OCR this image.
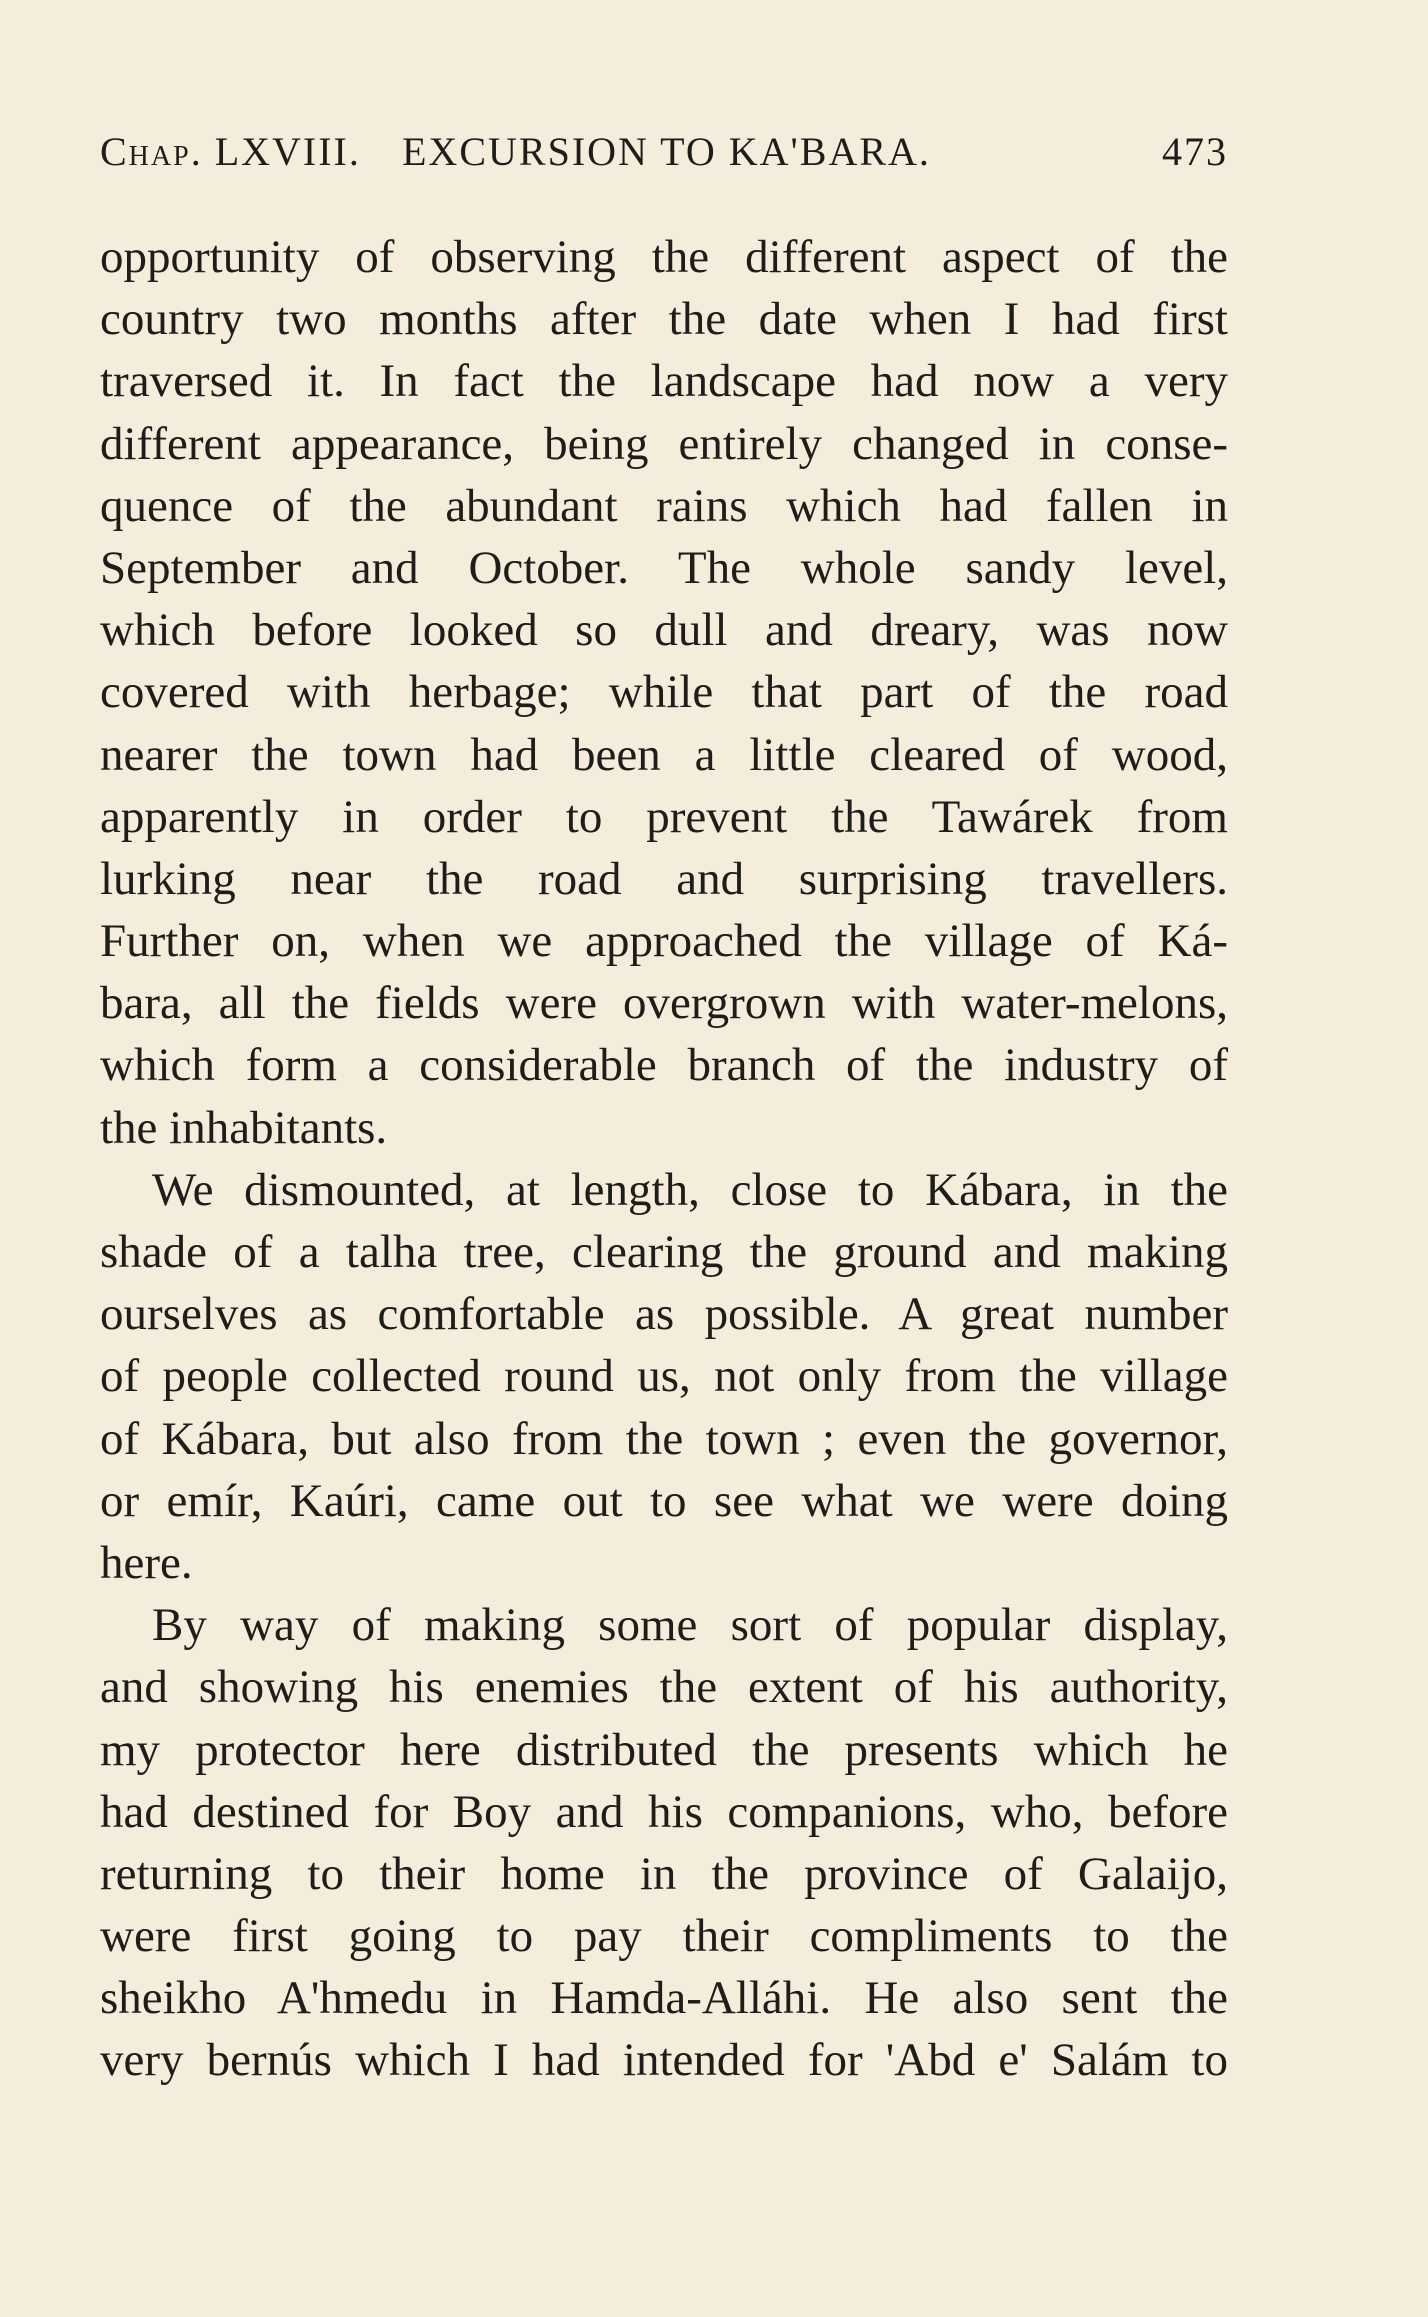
Chap. LXVIII. EXCURSION TO KA'BARA.	473
opportunity of observing the different aspect of the
country two months after the date when I had first
traversed it. In fact the landscape had now a very
different appearance, being entirely changed in conse-
quence of the abundant rains which had fallen in
September and October. The whole sandy level,
which before looked so dull and dreary, was now
covered with herbage; while that part of the road
nearer the town had been a little cleared of wood,
apparently in order to prevent the Tawárek from
lurking near the road and surprising travellers.
Further on, when we approached the village of Ká-
bara, all the fields were overgrown with water-melons,
which form a considerable branch of the industry of
the inhabitants.
We dismounted, at length, close to Kábara, in the
shade of a talha tree, clearing the ground and making
ourselves as comfortable as possible. A great number
of people collected round us, not only from the village
of Kábara, but also from the town ; even the governor,
or emír, Kaúri, came out to see what we were doing
here.
By way of making some sort of popular display,
and showing his enemies the extent of his authority,
my protector here distributed the presents which he
had destined for Boy and his companions, who, before
returning to their home in the province of Galaijo,
were first going to pay their compliments to the
sheikho A'hmedu in Hamda-Alláhi. He also sent the
very bernús which I had intended for 'Abd e' Salám to
